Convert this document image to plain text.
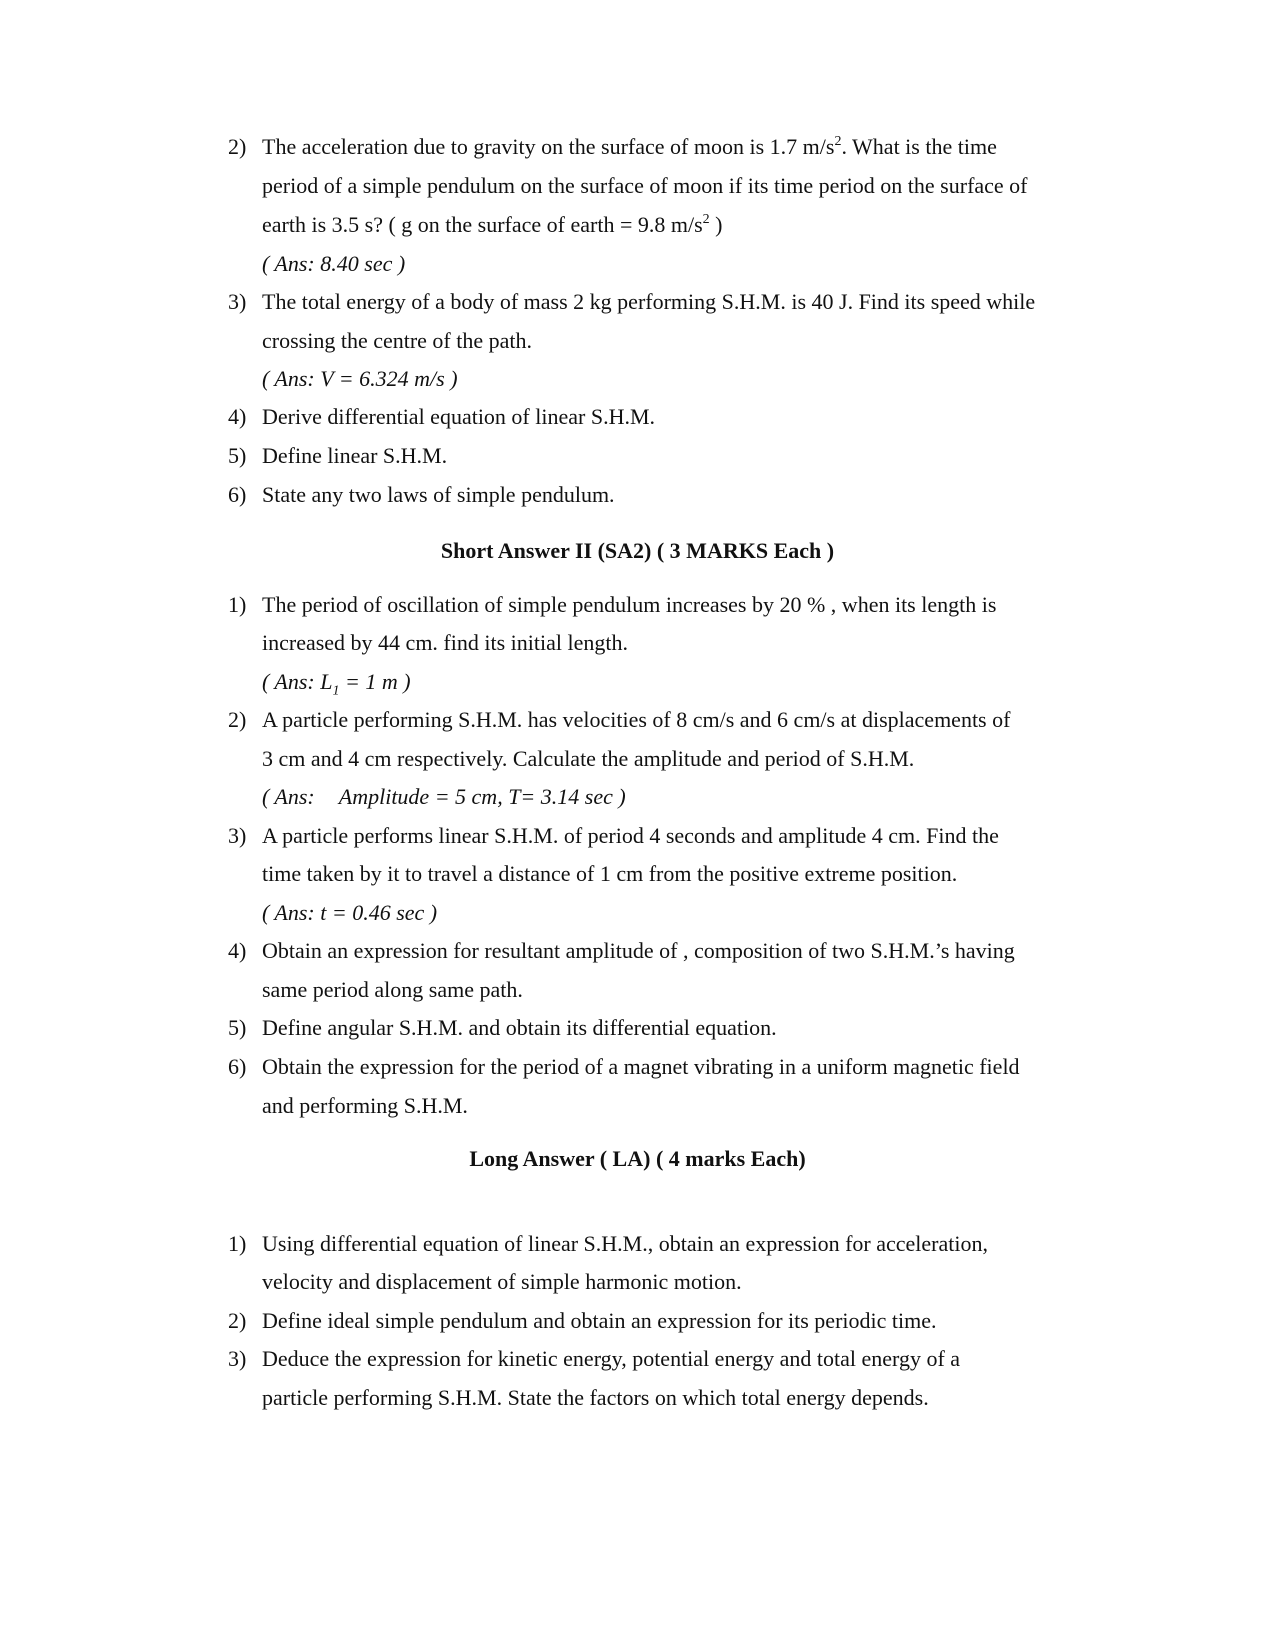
2) The acceleration due to gravity on the surface of moon is 1.7 $m/s^2$. What is the time
period of a simple pendulum on the surface of moon if its time period on the surface of
earth is 3.5 s? ( g on the surface of earth = 9.8 $m/s^2$ )
( Ans: 8.40 sec )
3) The total energy of a body of mass 2 kg performing S.H.M. is 40 J. Find its speed while
crossing the centre of the path.
( Ans: V = 6.324 m/s )
4) Derive differential equation of linear S.H.M.
5) Define linear S.H.M.
6) State any two laws of simple pendulum.
Short Answer II (SA2) ( 3 MARKS Each )
1) The period of oscillation of simple pendulum increases by 20 % , when its length is
increased by 44 cm. find its initial length.
( Ans: $L_1 = 1$ m )
2) A particle performing S.H.M. has velocities of 8 cm/s and 6 cm/s at displacements of
3 cm and 4 cm respectively. Calculate the amplitude and period of S.H.M.
( Ans: Amplitude = 5 cm, T= 3.14 sec )
3) A particle performs linear S.H.M. of period 4 seconds and amplitude 4 cm. Find the
time taken by it to travel a distance of 1 cm from the positive extreme position.
( Ans: t = 0.46 sec )
4) Obtain an expression for resultant amplitude of , composition of two S.H.M.’s having
same period along same path.
5) Define angular S.H.M. and obtain its differential equation.
6) Obtain the expression for the period of a magnet vibrating in a uniform magnetic field
and performing S.H.M.
Long Answer ( LA) ( 4 marks Each)
1) Using differential equation of linear S.H.M., obtain an expression for acceleration,
velocity and displacement of simple harmonic motion.
2) Define ideal simple pendulum and obtain an expression for its periodic time.
3) Deduce the expression for kinetic energy, potential energy and total energy of a
particle performing S.H.M. State the factors on which total energy depends.
